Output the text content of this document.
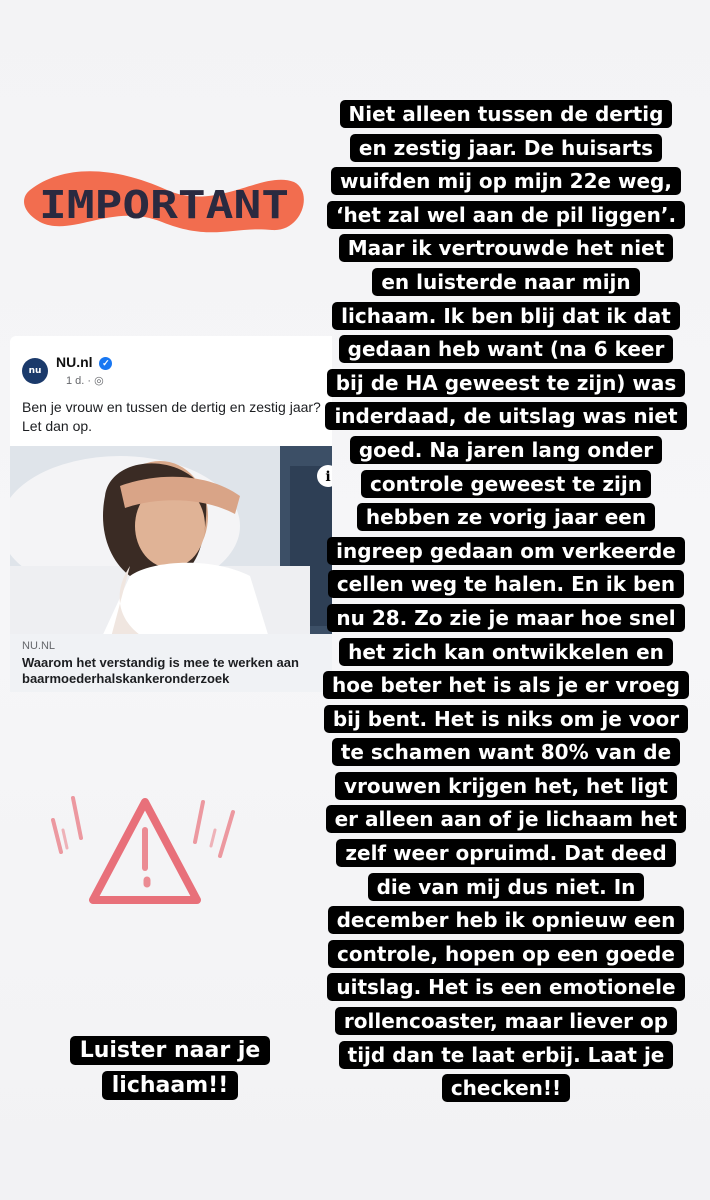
IMPORTANT
nu
NU.nl ✓
1 d. · ◎
Ben je vrouw en tussen de dertig en zestig jaar? Let dan op.
i
NU.NL
Waarom het verstandig is mee te werken aan
baarmoederhalskankeronderzoek
Niet alleen tussen de dertig
en zestig jaar. De huisarts
wuifden mij op mijn 22e weg,
‘het zal wel aan de pil liggen’.
Maar ik vertrouwde het niet
en luisterde naar mijn
lichaam. Ik ben blij dat ik dat
gedaan heb want (na 6 keer
bij de HA geweest te zijn) was
inderdaad, de uitslag was niet
goed. Na jaren lang onder
controle geweest te zijn
hebben ze vorig jaar een
ingreep gedaan om verkeerde
cellen weg te halen. En ik ben
nu 28. Zo zie je maar hoe snel
het zich kan ontwikkelen en
hoe beter het is als je er vroeg
bij bent. Het is niks om je voor
te schamen want 80% van de
vrouwen krijgen het, het ligt
er alleen aan of je lichaam het
zelf weer opruimd. Dat deed
die van mij dus niet. In
december heb ik opnieuw een
controle, hopen op een goede
uitslag. Het is een emotionele
rollencoaster, maar liever op
tijd dan te laat erbij. Laat je
checken!!
Luister naar je
lichaam!!
